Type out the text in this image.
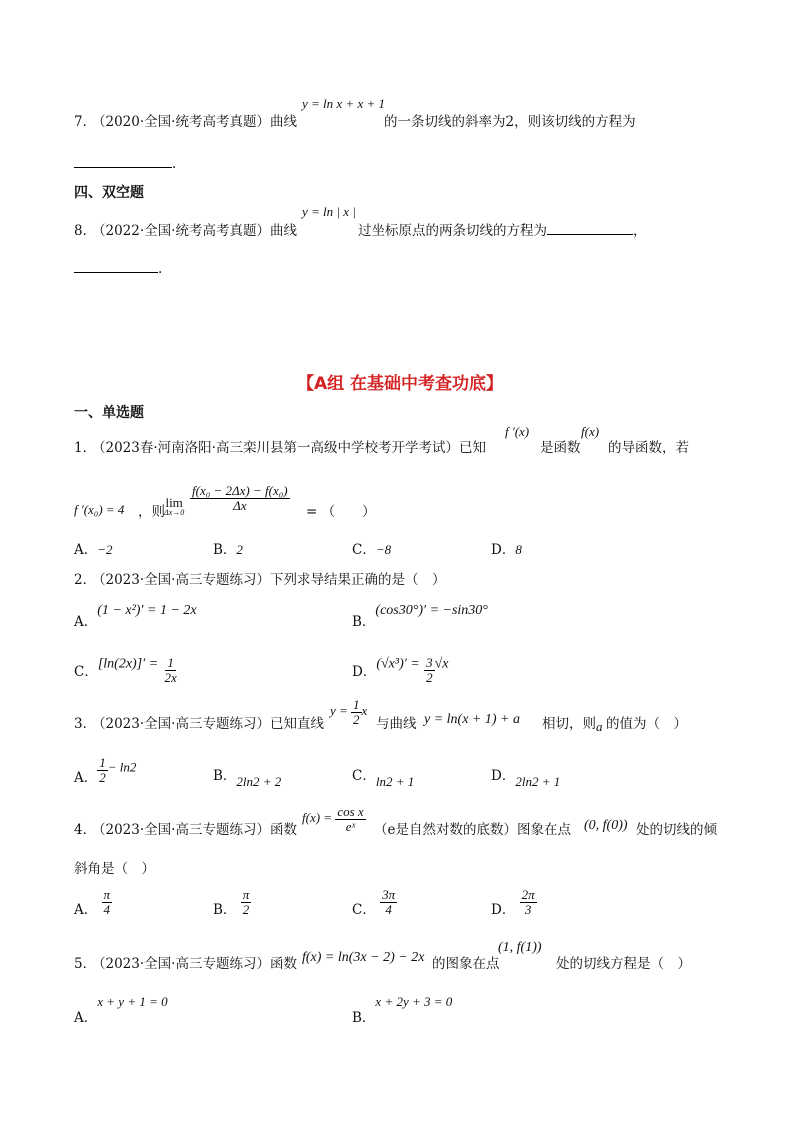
7．
（2020·全国·统考高考真题）曲线
y = ln x + x + 1
的一条切线的斜率为2，则该切线的方程为
.
四、双空题
8．
（2022·全国·统考高考真题）曲线
y = ln | x |
过坐标原点的两条切线的方程为	，
.
【A组 在基础中考查功底】
一、单选题
1．
（2023春·河南洛阳·高三栾川县第一高级中学校考开学考试）已知
f ′(x)
是函数
f(x)
的导函数，若
f ′(x₀) = 4 ，则
lim
Δx→0
$\frac{\text{f(x₀ − 2Δx) − f(x₀)}}{\Delta x}$ = （　　）
A．−2	B．2	C．−8	D．8
2．
（2023·全国·高三专题练习）下列求导结果正确的是（　）
A．(1 − x²)′ = 1 − 2x
B．(cos30°)′ = −sin30°
C．$[\ln(2x)]' = \frac{1}{2x}$	D．$(√x^3)' = \frac{3}{2} √x$
3．
（2023·全国·高三专题练习）已知直线
$y = \frac{1}{2}$ x
与曲线 y = ln(x + 1) + a 相切，则 a 的值为（　）
A． $\frac{1}{2} - \ln 2$
B．2ln2 + 2	C．ln2 + 1	D．2ln2 + 1
4．
（2023·全国·高三专题练习）函数
$f(x) = \frac{\text{cos x}}{\text{eˣ}} (e$是自然对数的底数）图象在点 (0, f(0)) 处的切线的倾
斜角是（　）
A． $\frac{\pi}{4}$	B． $\frac{\pi}{2}$	C． $\frac{3\pi}{4}$	D． $\frac{2\pi}{3}$
5．
（2023·全国·高三专题练习）函数 f(x) = ln(3x − 2) − 2x 的图象在点
(1, f(1))
处的切线方程是（　）
A．x + y + 1 = 0
B．x + 2y + 3 = 0
